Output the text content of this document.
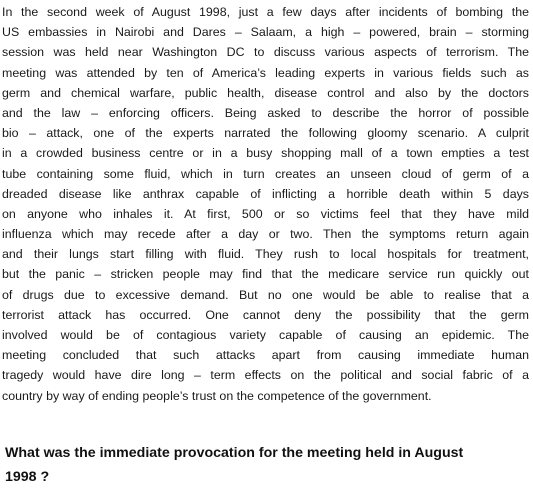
In the second week of August 1998, just a few days after incidents of bombing the
US embassies in Nairobi and Dares – Salaam, a high – powered, brain – storming
session was held near Washington DC to discuss various aspects of terrorism. The
meeting was attended by ten of America’s leading experts in various fields such as
germ and chemical warfare, public health, disease control and also by the doctors
and the law – enforcing officers. Being asked to describe the horror of possible
bio – attack, one of the experts narrated the following gloomy scenario. A culprit
in a crowded business centre or in a busy shopping mall of a town empties a test
tube containing some fluid, which in turn creates an unseen cloud of germ of a
dreaded disease like anthrax capable of inflicting a horrible death within 5 days
on anyone who inhales it. At first, 500 or so victims feel that they have mild
influenza which may recede after a day or two. Then the symptoms return again
and their lungs start filling with fluid. They rush to local hospitals for treatment,
but the panic – stricken people may find that the medicare service run quickly out
of drugs due to excessive demand. But no one would be able to realise that a
terrorist attack has occurred. One cannot deny the possibility that the germ
involved would be of contagious variety capable of causing an epidemic. The
meeting concluded that such attacks apart from causing immediate human
tragedy would have dire long – term effects on the political and social fabric of a
country by way of ending people’s trust on the competence of the government.
What was the immediate provocation for the meeting held in August
1998 ?
